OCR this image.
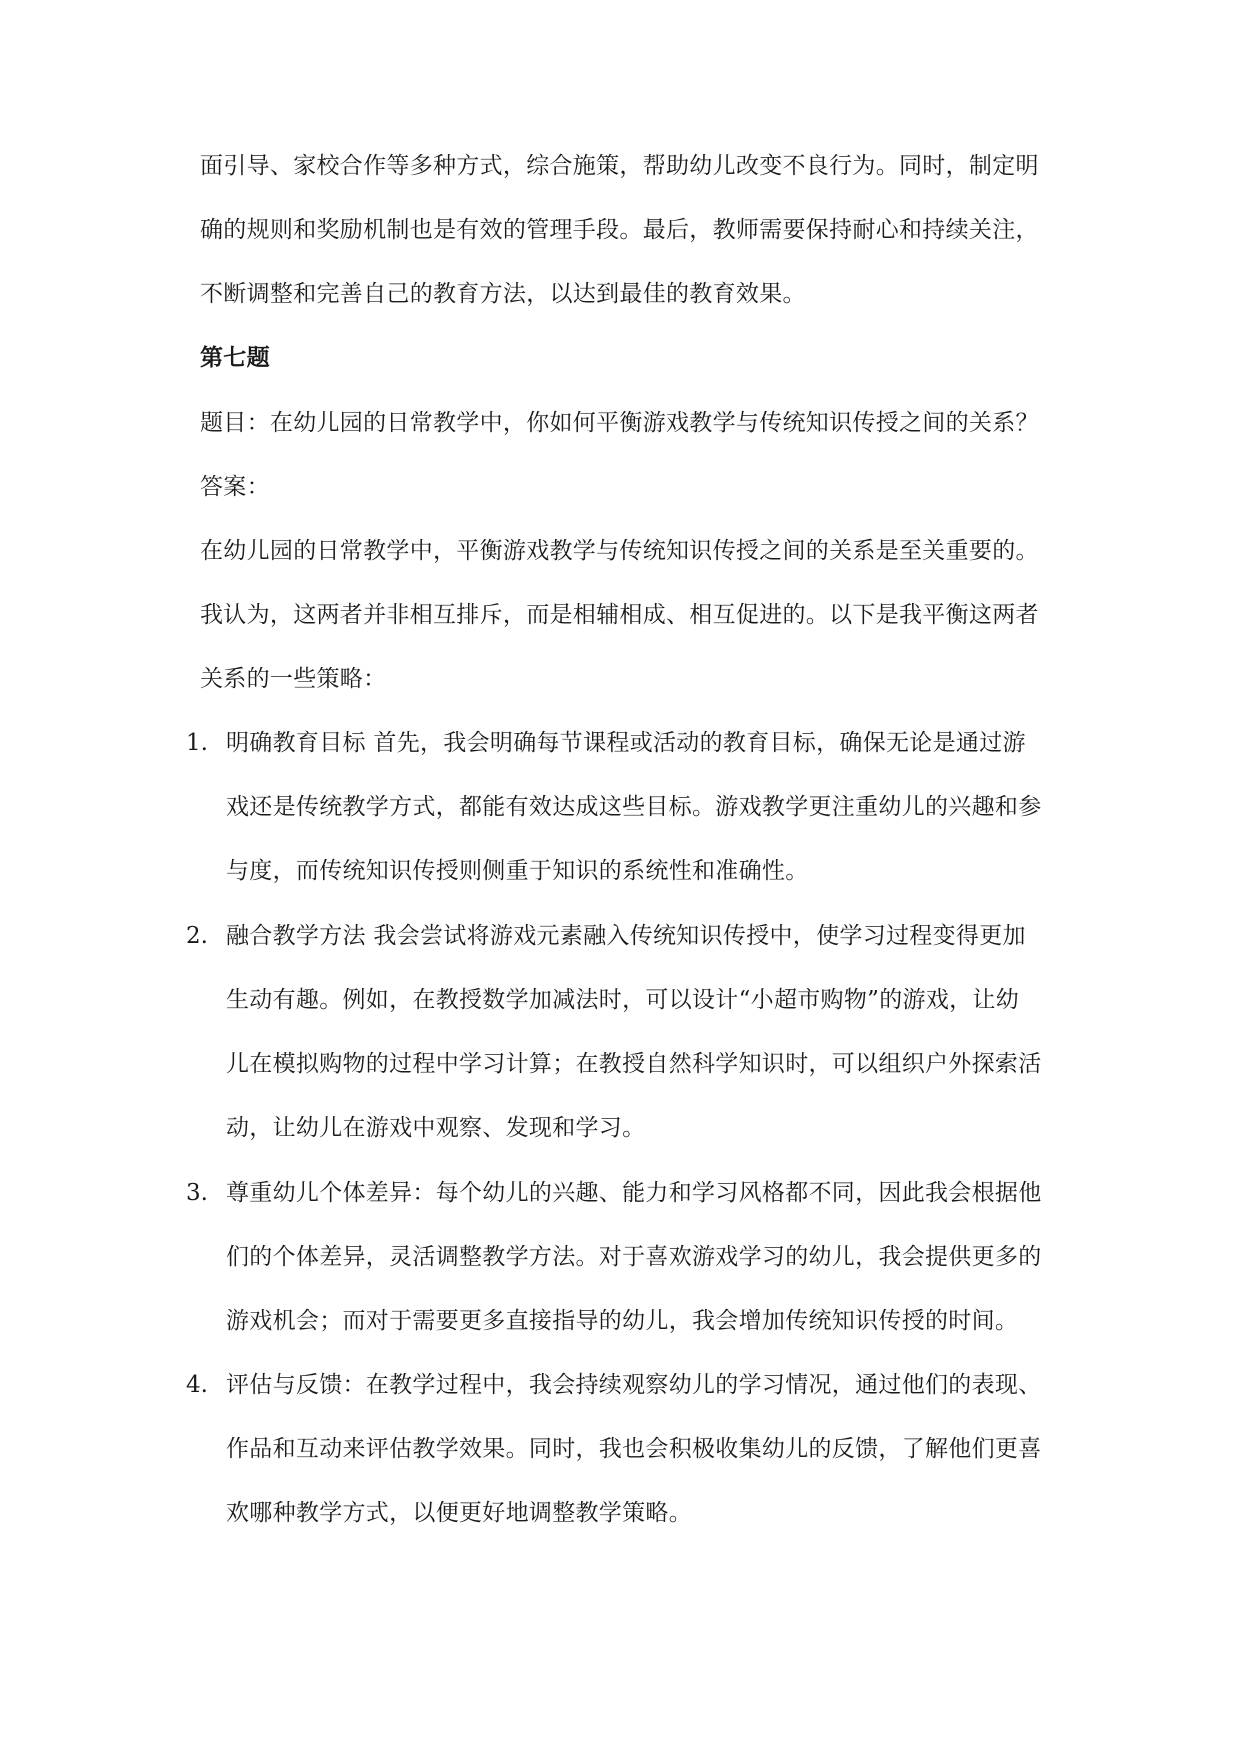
面引导、家校合作等多种方式，综合施策，帮助幼儿改变不良行为。同时，制定明
确的规则和奖励机制也是有效的管理手段。最后，教师需要保持耐心和持续关注，
不断调整和完善自己的教育方法，以达到最佳的教育效果。
第七题
题目：在幼儿园的日常教学中，你如何平衡游戏教学与传统知识传授之间的关系？
答案：
在幼儿园的日常教学中，平衡游戏教学与传统知识传授之间的关系是至关重要的。
我认为，这两者并非相互排斥，而是相辅相成、相互促进的。以下是我平衡这两者
关系的一些策略：
1. 明确教育目标 首先，我会明确每节课程或活动的教育目标，确保无论是通过游
戏还是传统教学方式，都能有效达成这些目标。游戏教学更注重幼儿的兴趣和参
与度，而传统知识传授则侧重于知识的系统性和准确性。
2. 融合教学方法 我会尝试将游戏元素融入传统知识传授中，使学习过程变得更加
生动有趣。例如，在教授数学加减法时，可以设计“小超市购物”的游戏，让幼
儿在模拟购物的过程中学习计算；在教授自然科学知识时，可以组织户外探索活
动，让幼儿在游戏中观察、发现和学习。
3. 尊重幼儿个体差异：每个幼儿的兴趣、能力和学习风格都不同，因此我会根据他
们的个体差异，灵活调整教学方法。对于喜欢游戏学习的幼儿，我会提供更多的
游戏机会；而对于需要更多直接指导的幼儿，我会增加传统知识传授的时间。
4. 评估与反馈：在教学过程中，我会持续观察幼儿的学习情况，通过他们的表现、
作品和互动来评估教学效果。同时，我也会积极收集幼儿的反馈，了解他们更喜
欢哪种教学方式，以便更好地调整教学策略。
